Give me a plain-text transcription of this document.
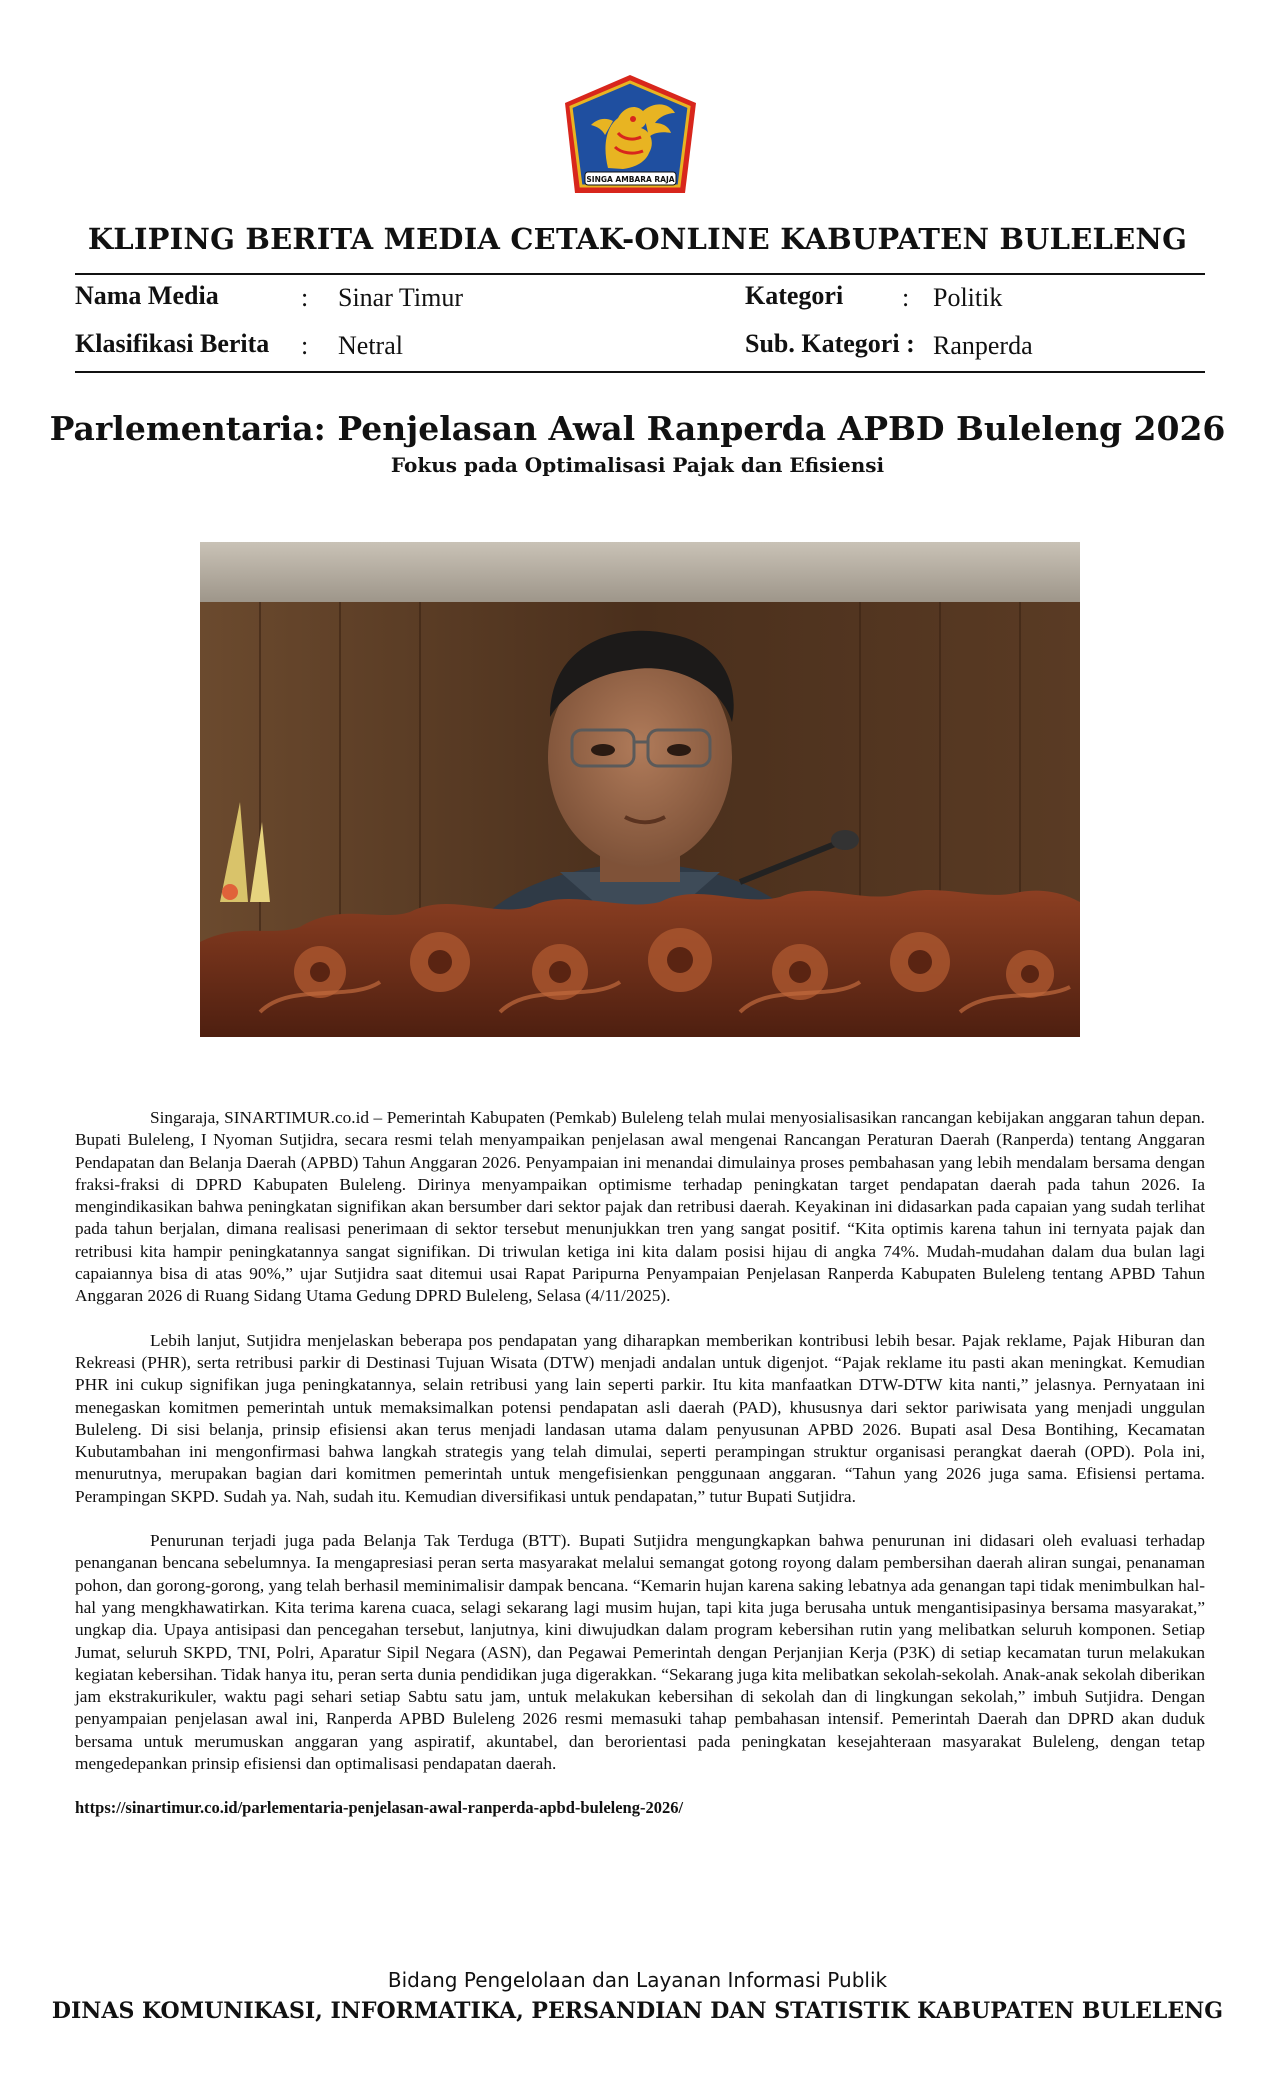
SINGA AMBARA RAJA
KLIPING BERITA MEDIA CETAK-ONLINE KABUPATEN BULELENG
Nama Media	: Sinar Timur
Klasifikasi Berita : Netral
Kategori : Politik
Sub. Kategori : Ranperda
Parlementaria: Penjelasan Awal Ranperda APBD Buleleng 2026
Fokus pada Optimalisasi Pajak dan Efisiensi

Singaraja, SINARTIMUR.co.id – Pemerintah Kabupaten (Pemkab) Buleleng telah mulai menyosialisasikan rancangan kebijakan anggaran tahun depan. Bupati Buleleng, I Nyoman Sutjidra, secara resmi telah menyampaikan penjelasan awal mengenai Rancangan Peraturan Daerah (Ranperda) tentang Anggaran Pendapatan dan Belanja Daerah (APBD) Tahun Anggaran 2026. Penyampaian ini menandai dimulainya proses pembahasan yang lebih mendalam bersama dengan fraksi-fraksi di DPRD Kabupaten Buleleng. Dirinya menyampaikan optimisme terhadap peningkatan target pendapatan daerah pada tahun 2026. Ia mengindikasikan bahwa peningkatan signifikan akan bersumber dari sektor pajak dan retribusi daerah. Keyakinan ini didasarkan pada capaian yang sudah terlihat pada tahun berjalan, dimana realisasi penerimaan di sektor tersebut menunjukkan tren yang sangat positif. “Kita optimis karena tahun ini ternyata pajak dan retribusi kita hampir peningkatannya sangat signifikan. Di triwulan ketiga ini kita dalam posisi hijau di angka 74%. Mudah-mudahan dalam dua bulan lagi capaiannya bisa di atas 90%,” ujar Sutjidra saat ditemui usai Rapat Paripurna Penyampaian Penjelasan Ranperda Kabupaten Buleleng tentang APBD Tahun Anggaran 2026 di Ruang Sidang Utama Gedung DPRD Buleleng, Selasa (4/11/2025).

Lebih lanjut, Sutjidra menjelaskan beberapa pos pendapatan yang diharapkan memberikan kontribusi lebih besar. Pajak reklame, Pajak Hiburan dan Rekreasi (PHR), serta retribusi parkir di Destinasi Tujuan Wisata (DTW) menjadi andalan untuk digenjot. “Pajak reklame itu pasti akan meningkat. Kemudian PHR ini cukup signifikan juga peningkatannya, selain retribusi yang lain seperti parkir. Itu kita manfaatkan DTW-DTW kita nanti,” jelasnya. Pernyataan ini menegaskan komitmen pemerintah untuk memaksimalkan potensi pendapatan asli daerah (PAD), khususnya dari sektor pariwisata yang menjadi unggulan Buleleng. Di sisi belanja, prinsip efisiensi akan terus menjadi landasan utama dalam penyusunan APBD 2026. Bupati asal Desa Bontihing, Kecamatan Kubutambahan ini mengonfirmasi bahwa langkah strategis yang telah dimulai, seperti perampingan struktur organisasi perangkat daerah (OPD). Pola ini, menurutnya, merupakan bagian dari komitmen pemerintah untuk mengefisienkan penggunaan anggaran. “Tahun yang 2026 juga sama. Efisiensi pertama. Perampingan SKPD. Sudah ya. Nah, sudah itu. Kemudian diversifikasi untuk pendapatan,” tutur Bupati Sutjidra.

Penurunan terjadi juga pada Belanja Tak Terduga (BTT). Bupati Sutjidra mengungkapkan bahwa penurunan ini didasari oleh evaluasi terhadap penanganan bencana sebelumnya. Ia mengapresiasi peran serta masyarakat melalui semangat gotong royong dalam pembersihan daerah aliran sungai, penanaman pohon, dan gorong-gorong, yang telah berhasil meminimalisir dampak bencana. “Kemarin hujan karena saking lebatnya ada genangan tapi tidak menimbulkan hal-hal yang mengkhawatirkan. Kita terima karena cuaca, selagi sekarang lagi musim hujan, tapi kita juga berusaha untuk mengantisipasinya bersama masyarakat,” ungkap dia. Upaya antisipasi dan pencegahan tersebut, lanjutnya, kini diwujudkan dalam program kebersihan rutin yang melibatkan seluruh komponen. Setiap Jumat, seluruh SKPD, TNI, Polri, Aparatur Sipil Negara (ASN), dan Pegawai Pemerintah dengan Perjanjian Kerja (P3K) di setiap kecamatan turun melakukan kegiatan kebersihan. Tidak hanya itu, peran serta dunia pendidikan juga digerakkan. “Sekarang juga kita melibatkan sekolah-sekolah. Anak-anak sekolah diberikan jam ekstrakurikuler, waktu pagi sehari setiap Sabtu satu jam, untuk melakukan kebersihan di sekolah dan di lingkungan sekolah,” imbuh Sutjidra. Dengan penyampaian penjelasan awal ini, Ranperda APBD Buleleng 2026 resmi memasuki tahap pembahasan intensif. Pemerintah Daerah dan DPRD akan duduk bersama untuk merumuskan anggaran yang aspiratif, akuntabel, dan berorientasi pada peningkatan kesejahteraan masyarakat Buleleng, dengan tetap mengedepankan prinsip efisiensi dan optimalisasi pendapatan daerah.

https://sinartimur.co.id/parlementaria-penjelasan-awal-ranperda-apbd-buleleng-2026/

Bidang Pengelolaan dan Layanan Informasi Publik
DINAS KOMUNIKASI, INFORMATIKA, PERSANDIAN DAN STATISTIK KABUPATEN BULELENG
